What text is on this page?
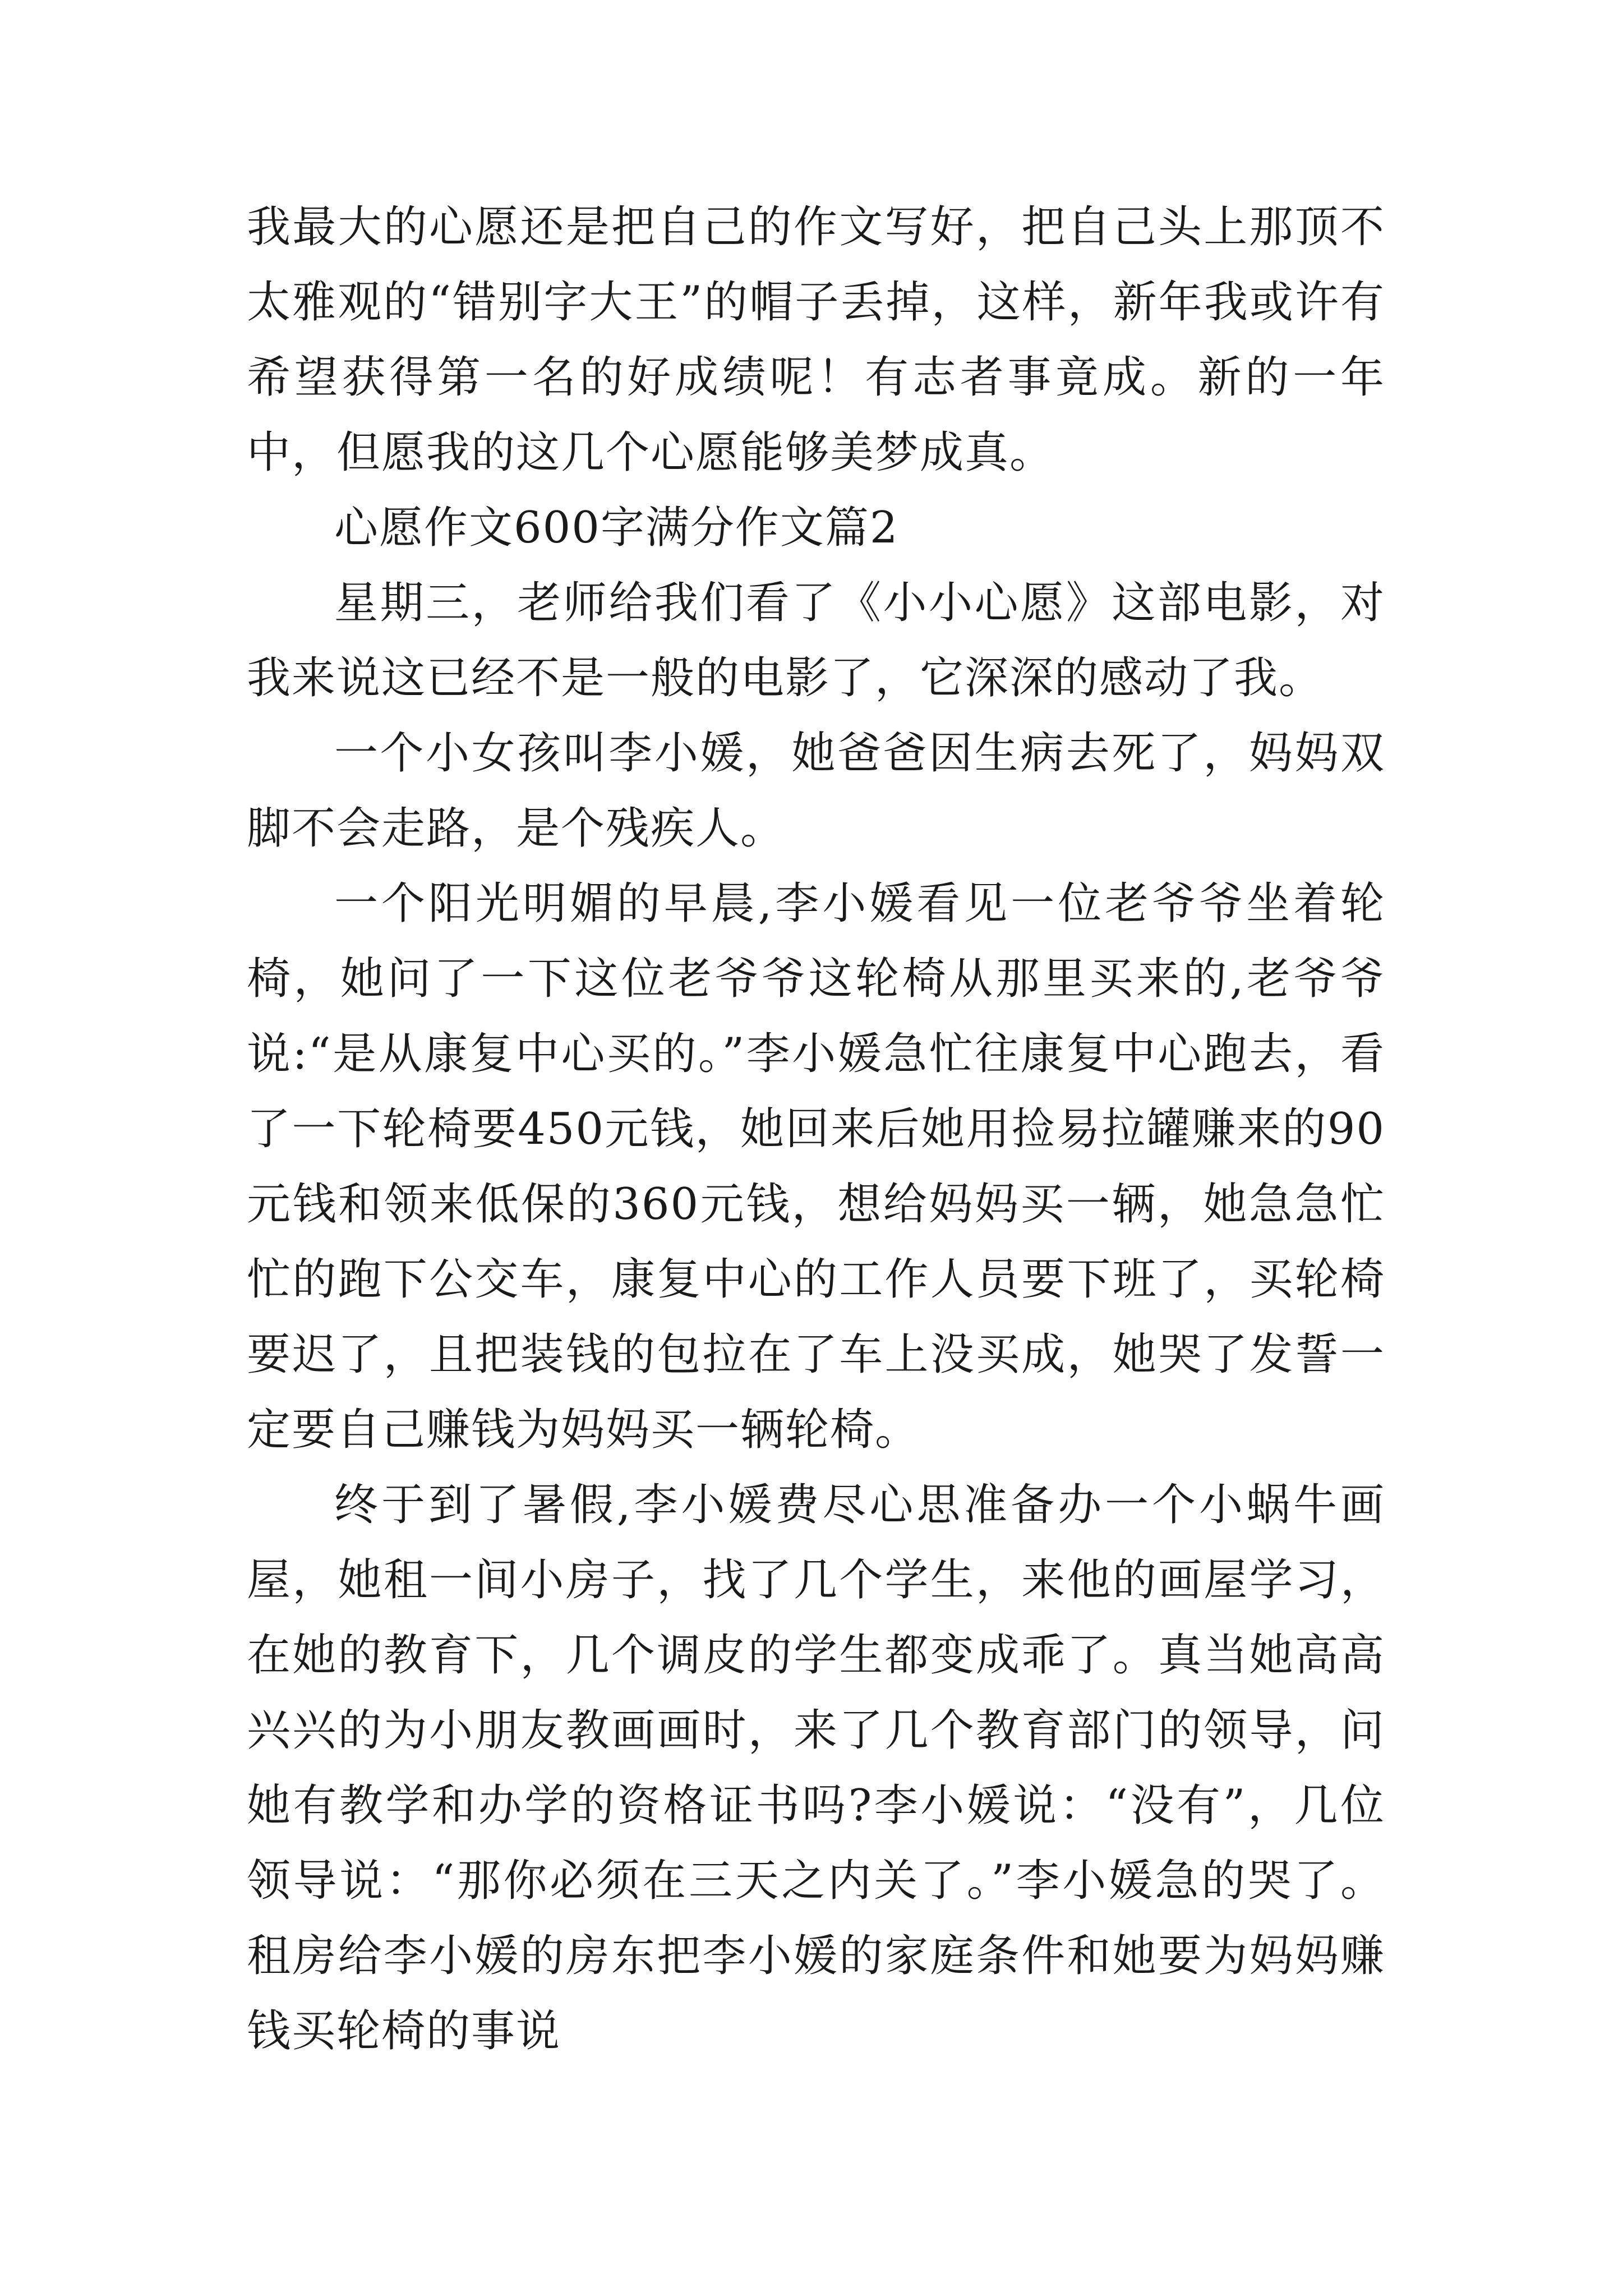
我最大的心愿还是把自己的作文写好，把自己头上那顶不太雅观的“错别字大王”的帽子丢掉，这样，新年我或许有希望获得第一名的好成绩呢！有志者事竟成。新的一年中，但愿我的这几个心愿能够美梦成真。

心愿作文600字满分作文篇2

星期三，老师给我们看了《小小心愿》这部电影，对我来说这已经不是一般的电影了，它深深的感动了我。

一个小女孩叫李小媛，她爸爸因生病去死了，妈妈双脚不会走路，是个残疾人。

一个阳光明媚的早晨,李小媛看见一位老爷爷坐着轮椅，她问了一下这位老爷爷这轮椅从那里买来的,老爷爷说:“是从康复中心买的。”李小媛急忙往康复中心跑去，看了一下轮椅要450元钱，她回来后她用捡易拉罐赚来的90元钱和领来低保的360元钱，想给妈妈买一辆，她急急忙忙的跑下公交车，康复中心的工作人员要下班了，买轮椅要迟了，且把装钱的包拉在了车上没买成，她哭了发誓一定要自己赚钱为妈妈买一辆轮椅。

终于到了暑假,李小媛费尽心思准备办一个小蜗牛画屋，她租一间小房子，找了几个学生，来他的画屋学习，在她的教育下，几个调皮的学生都变成乖了。真当她高高兴兴的为小朋友教画画时，来了几个教育部门的领导，问她有教学和办学的资格证书吗?李小媛说：“没有”，几位领导说：“那你必须在三天之内关了。”李小媛急的哭了。租房给李小媛的房东把李小媛的家庭条件和她要为妈妈赚钱买轮椅的事说
